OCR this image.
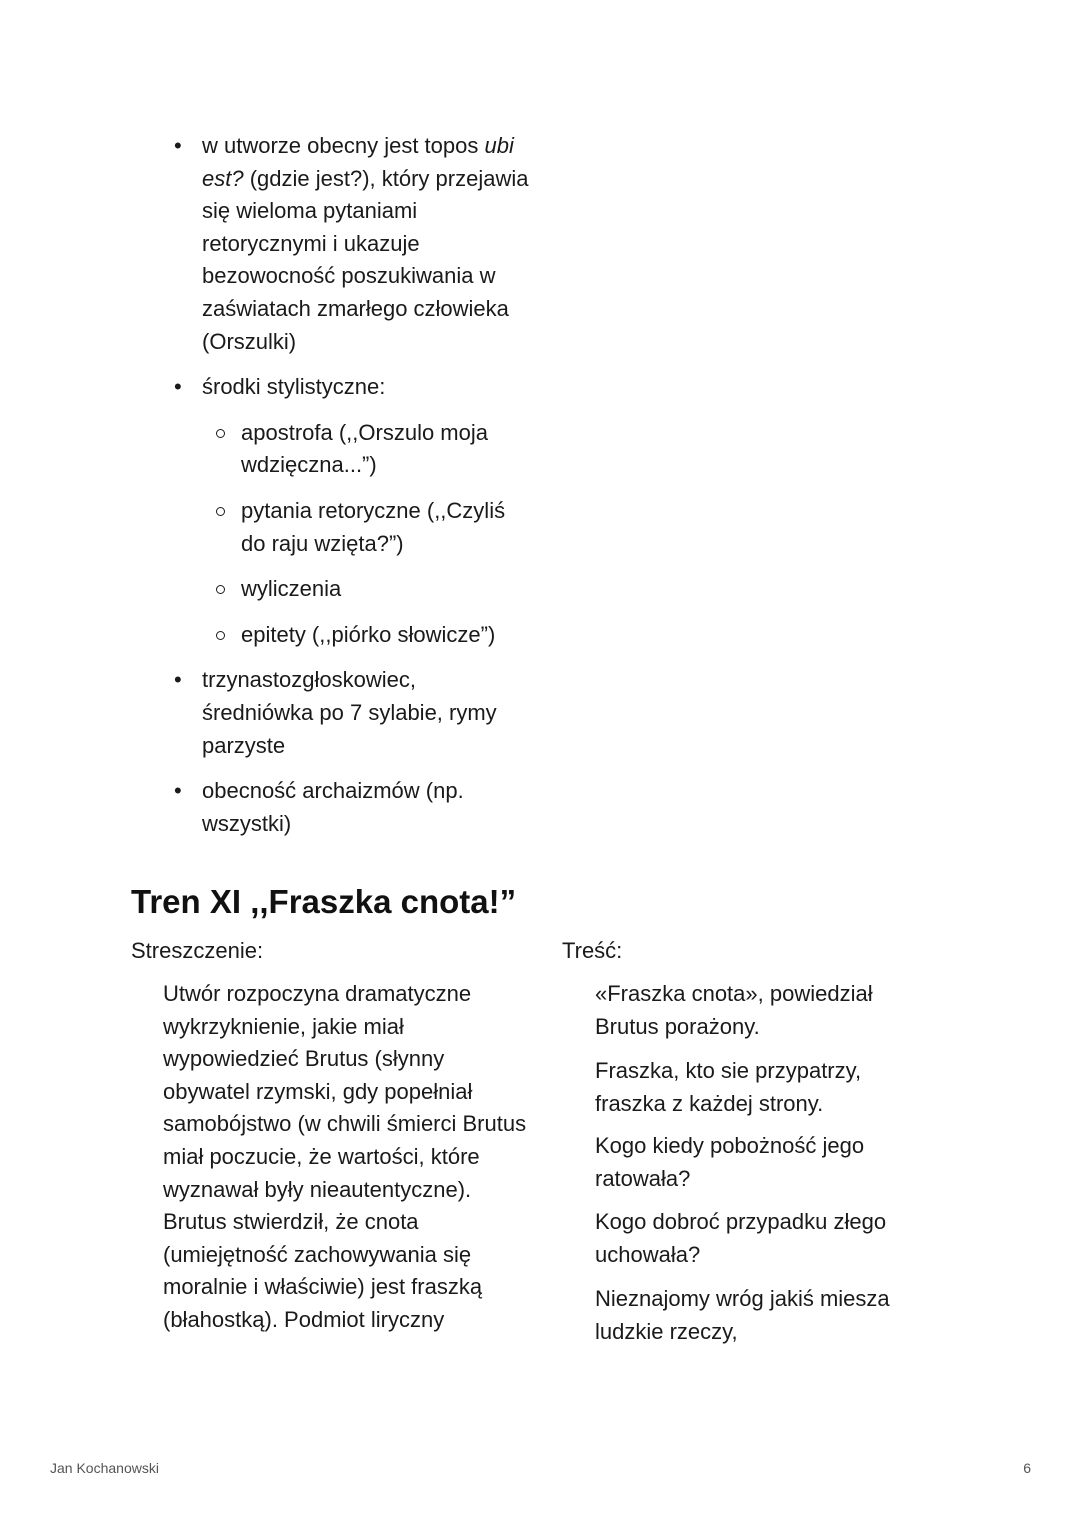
• w utworze obecny jest topos ubi est? (gdzie jest?), który przejawia się wieloma pytaniami retorycznymi i ukazuje bezowocność poszukiwania w zaświatach zmarłego człowieka (Orszulki)
• środki stylistyczne:
apostrofa (,,Orszulo moja wdzięczna...”)
pytania retoryczne (,,Czyliś do raju wzięta?”)
wyliczenia
epitety (,,piórko słowicze”)
• trzynastozgłoskowiec, średniówka po 7 sylabie, rymy parzyste
• obecność archaizmów (np. wszystki)
Tren XI ,,Fraszka cnota!”
Streszczenie:

Utwór rozpoczyna dramatyczne wykrzyknienie, jakie miał wypowiedzieć Brutus (słynny obywatel rzymski, gdy popełniał samobójstwo (w chwili śmierci Brutus miał poczucie, że wartości, które wyznawał były nieautentyczne). Brutus stwierdził, że cnota (umiejętność zachowywania się moralnie i właściwie) jest fraszką (błahostką). Podmiot liryczny

Treść:

«Fraszka cnota», powiedział Brutus porażony.

Fraszka, kto sie przypatrzy, fraszka z każdej strony.

Kogo kiedy pobożność jego ratowała?

Kogo dobroć przypadku złego uchowała?

Nieznajomy wróg jakiś miesza ludzkie rzeczy,

Jan Kochanowski	6
